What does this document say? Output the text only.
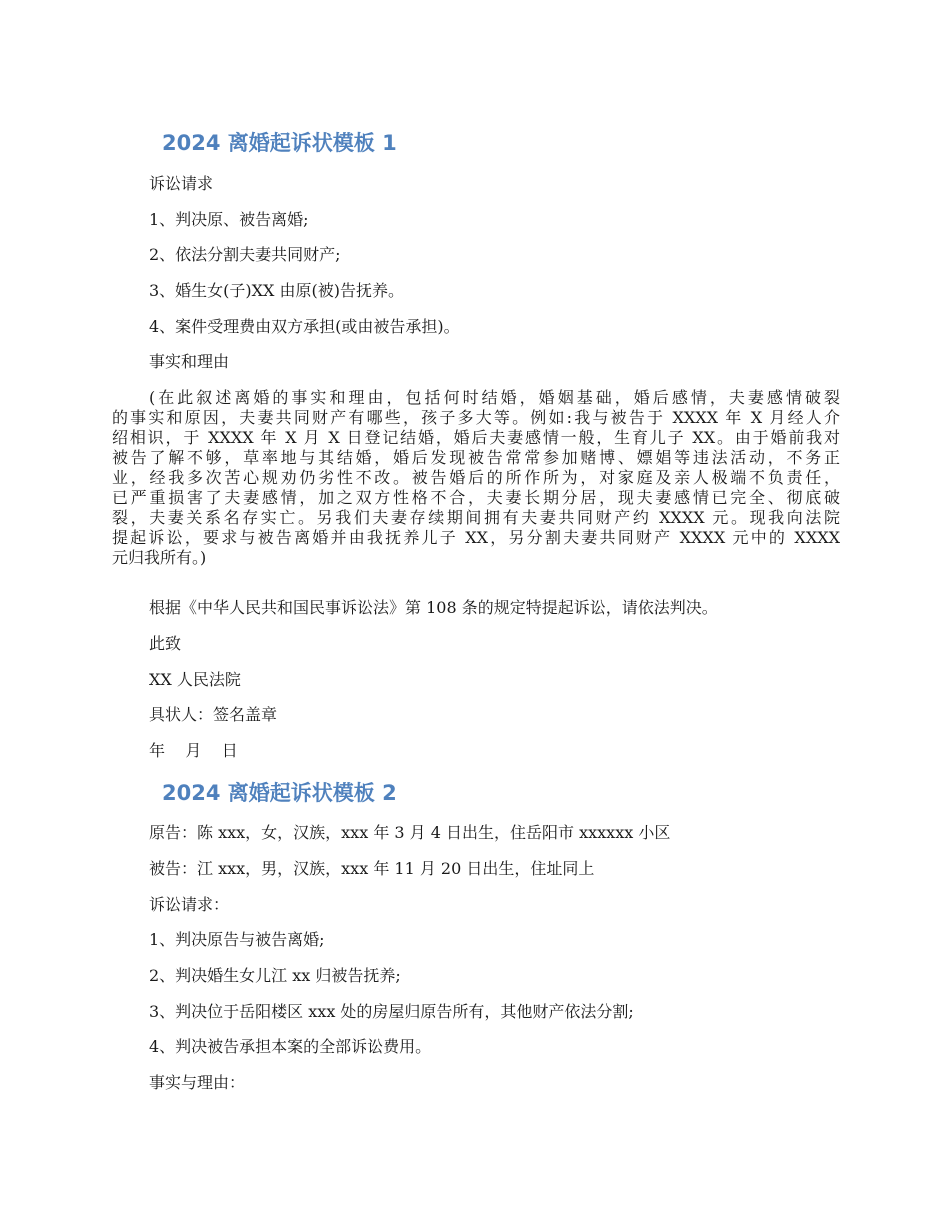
2024 离婚起诉状模板 1

诉讼请求

1、判决原、被告离婚;

2、依法分割夫妻共同财产;

3、婚生女(子)XX 由原(被)告抚养。

4、案件受理费由双方承担(或由被告承担)。

事实和理由

(在此叙述离婚的事实和理由，包括何时结婚，婚姻基础，婚后感情，夫妻感情破裂
的事实和原因，夫妻共同财产有哪些，孩子多大等。例如:我与被告于 XXXX 年 X 月经人介
绍相识，于 XXXX 年 X 月 X 日登记结婚，婚后夫妻感情一般，生育儿子 XX。由于婚前我对
被告了解不够，草率地与其结婚，婚后发现被告常常参加赌博、嫖娼等违法活动，不务正
业，经我多次苦心规劝仍劣性不改。被告婚后的所作所为，对家庭及亲人极端不负责任，
已严重损害了夫妻感情，加之双方性格不合，夫妻长期分居，现夫妻感情已完全、彻底破
裂，夫妻关系名存实亡。另我们夫妻存续期间拥有夫妻共同财产约 XXXX 元。现我向法院
提起诉讼，要求与被告离婚并由我抚养儿子 XX，另分割夫妻共同财产 XXXX 元中的 XXXX
元归我所有。)

根据《中华人民共和国民事诉讼法》第 108 条的规定特提起诉讼，请依法判决。

此致

XX 人民法院

具状人：签名盖章

年    月    日

2024 离婚起诉状模板 2

原告：陈 xxx，女，汉族，xxx 年 3 月 4 日出生，住岳阳市 xxxxxx 小区

被告：江 xxx，男，汉族，xxx 年 11 月 20 日出生，住址同上

诉讼请求：

1、判决原告与被告离婚;

2、判决婚生女儿江 xx 归被告抚养;

3、判决位于岳阳楼区 xxx 处的房屋归原告所有，其他财产依法分割;

4、判决被告承担本案的全部诉讼费用。

事实与理由：
